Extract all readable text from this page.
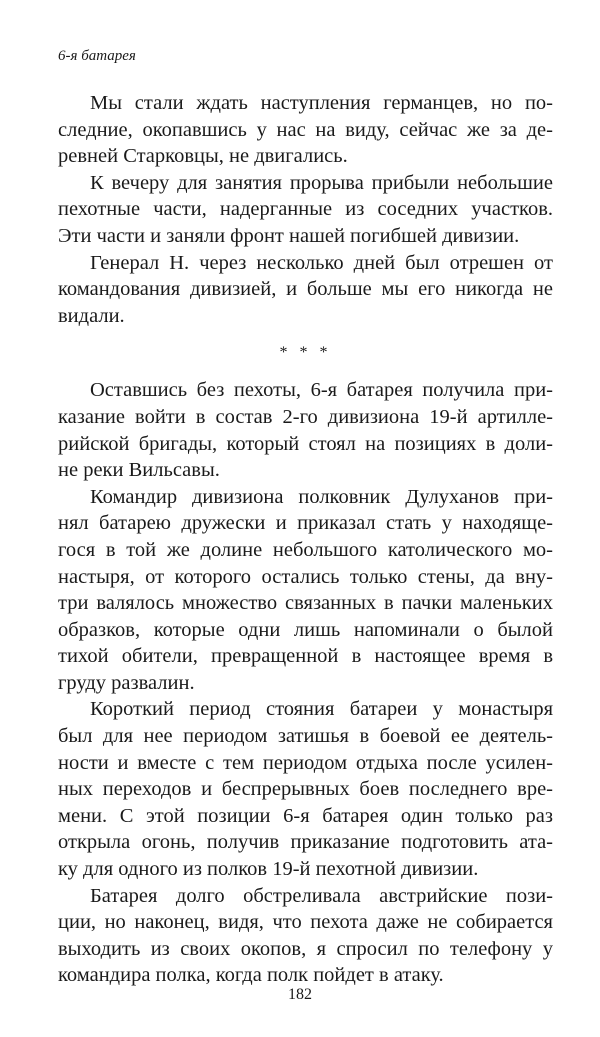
6-я батарея
Мы стали ждать наступления германцев, но по-
следние, окопавшись у нас на виду, сейчас же за де-
ревней Старковцы, не двигались.
К вечеру для занятия прорыва прибыли небольшие
пехотные части, надерганные из соседних участков.
Эти части и заняли фронт нашей погибшей дивизии.
Генерал Н. через несколько дней был отрешен от
командования дивизией, и больше мы его никогда не
видали.
* * *
Оставшись без пехоты, 6-я батарея получила при-
казание войти в состав 2-го дивизиона 19-й артилле-
рийской бригады, который стоял на позициях в доли-
не реки Вильсавы.
Командир дивизиона полковник Дулуханов при-
нял батарею дружески и приказал стать у находяще-
гося в той же долине небольшого католического мо-
настыря, от которого остались только стены, да вну-
три валялось множество связанных в пачки маленьких
образков, которые одни лишь напоминали о былой
тихой обители, превращенной в настоящее время в
груду развалин.
Короткий период стояния батареи у монастыря
был для нее периодом затишья в боевой ее деятель-
ности и вместе с тем периодом отдыха после усилен-
ных переходов и беспрерывных боев последнего вре-
мени. С этой позиции 6-я батарея один только раз
открыла огонь, получив приказание подготовить ата-
ку для одного из полков 19-й пехотной дивизии.
Батарея долго обстреливала австрийские пози-
ции, но наконец, видя, что пехота даже не собирается
выходить из своих окопов, я спросил по телефону у
командира полка, когда полк пойдет в атаку.
182
